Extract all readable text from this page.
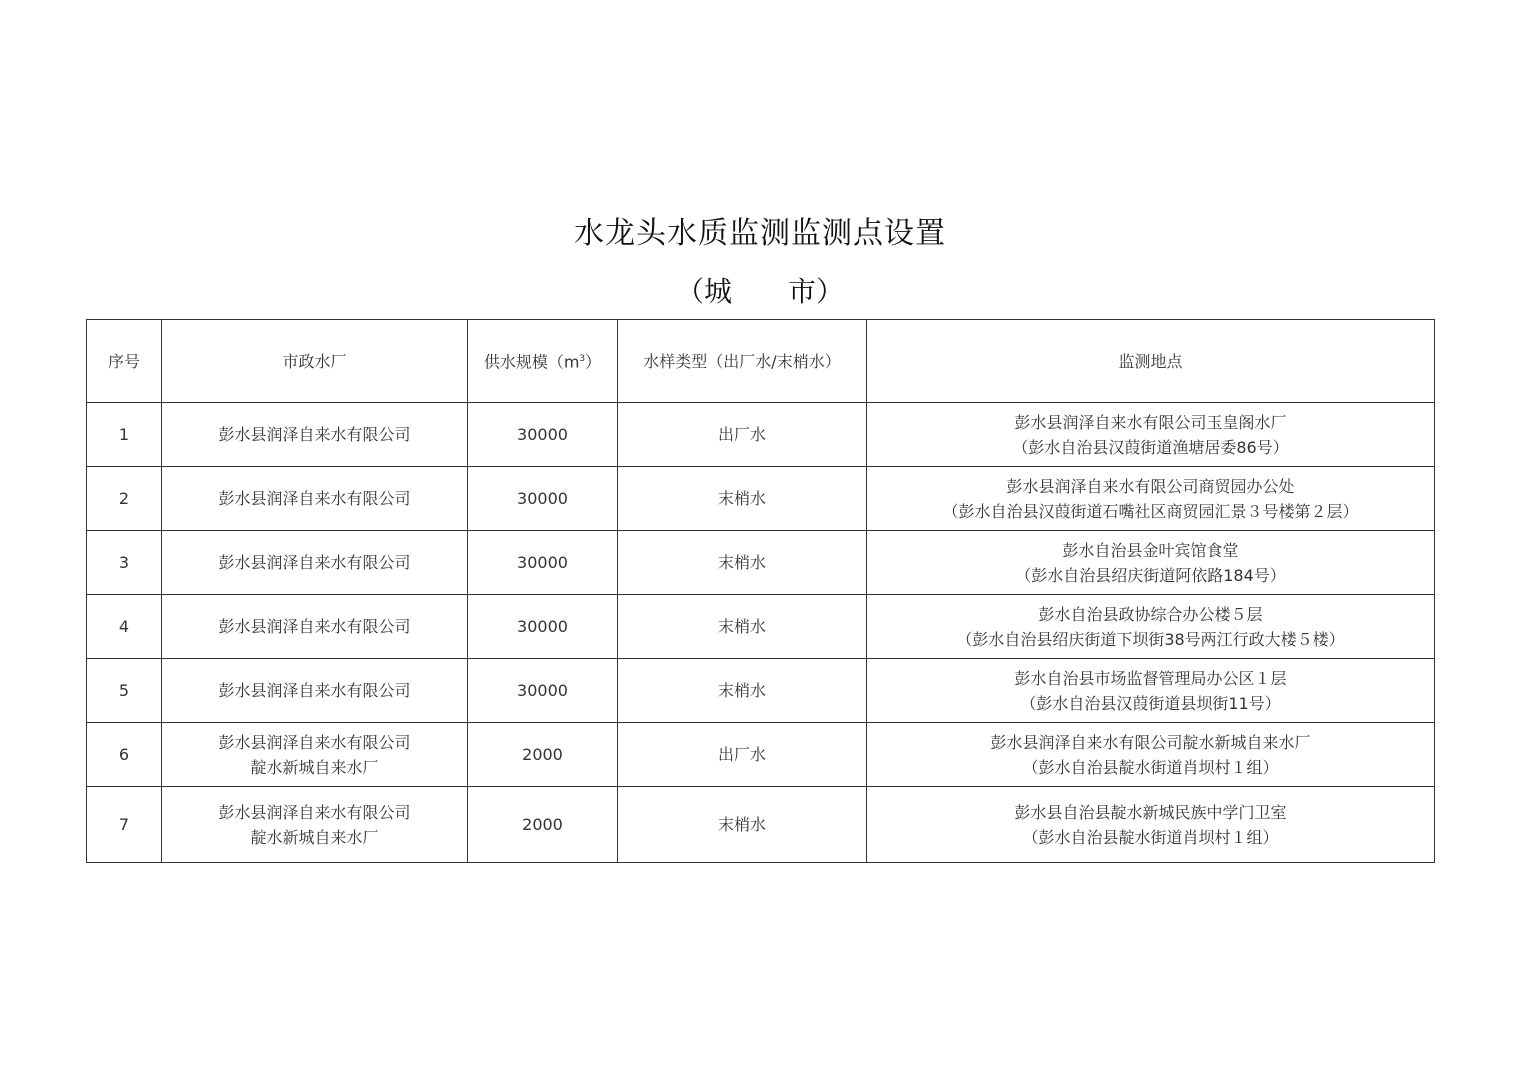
水龙头水质监测监测点设置
（城　　市）
序号	市政水厂	供水规模$(m^3)$	水样类型（出厂水/末梢水）	监测地点
1	彭水县润泽自来水有限公司	30000	出厂水	彭水县润泽自来水有限公司玉皇阁水厂
（彭水自治县汉葭街道渔塘居委86号）

2	彭水县润泽自来水有限公司	30000	末梢水	彭水县润泽自来水有限公司商贸园办公处
（彭水自治县汉葭街道石嘴社区商贸园汇景３号楼第２层）

3	彭水县润泽自来水有限公司	30000	末梢水	彭水自治县金叶宾馆食堂
（彭水自治县绍庆街道阿依路184号）

4	彭水县润泽自来水有限公司	30000	末梢水	彭水自治县政协综合办公楼５层
（彭水自治县绍庆街道下坝街38号两江行政大楼５楼）

5	彭水县润泽自来水有限公司	30000	末梢水	彭水自治县市场监督管理局办公区１层
（彭水自治县汉葭街道县坝街11号）

6	彭水县润泽自来水有限公司
靛水新城自来水厂	2000	出厂水	彭水县润泽自来水有限公司靛水新城自来水厂
（彭水自治县靛水街道肖坝村１组）

7	彭水县润泽自来水有限公司
靛水新城自来水厂	2000	末梢水	彭水县自治县靛水新城民族中学门卫室
（彭水自治县靛水街道肖坝村１组）
